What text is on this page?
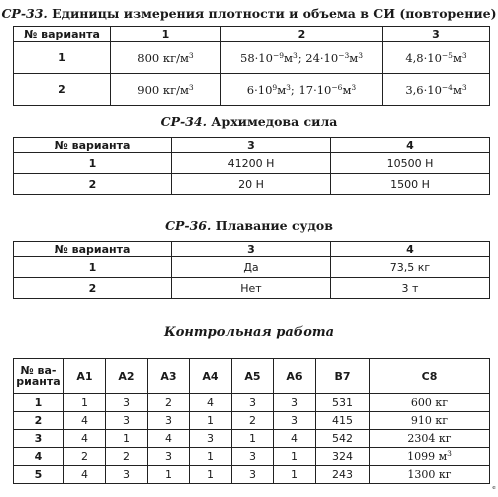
СР-33. Единицы измерения плотности и объема в СИ (повторение)
№ варианта	1	2	3
1	800 $кг/м^3$	$58\cdot 10^{-9}м^3$; $24\cdot 10^{-3}м^3$	$4,8\cdot 10^{-5}м^3$
2	900 $кг/м^3$	$6\cdot 10^9м^3$; $17\cdot 10^{-6}м^3$	$3,6\cdot 10^{-4}м^3$
СР-34. Архимедова сила
№ варианта	3	4
1	41200 Н	10500 Н
2	20 Н	1500 Н
СР-36. Плавание судов
№ варианта	3	4
1	Да	73,5 кг
2	Нет	3 т
Контрольная работа
№ ва-
рианта	А1	А2	А3	А4	А5	А6	В7	С8
1	1	3	2	4	3	3	531	600 кг
2	4	3	3	1	2	3	415	910 кг
3	4	1	4	3	1	4	542	2304 кг
4	2	2	3	1	3	1	324	1099 $м^3$
5	4	3	1	1	3	1	243	1300 кг
ᵉ
